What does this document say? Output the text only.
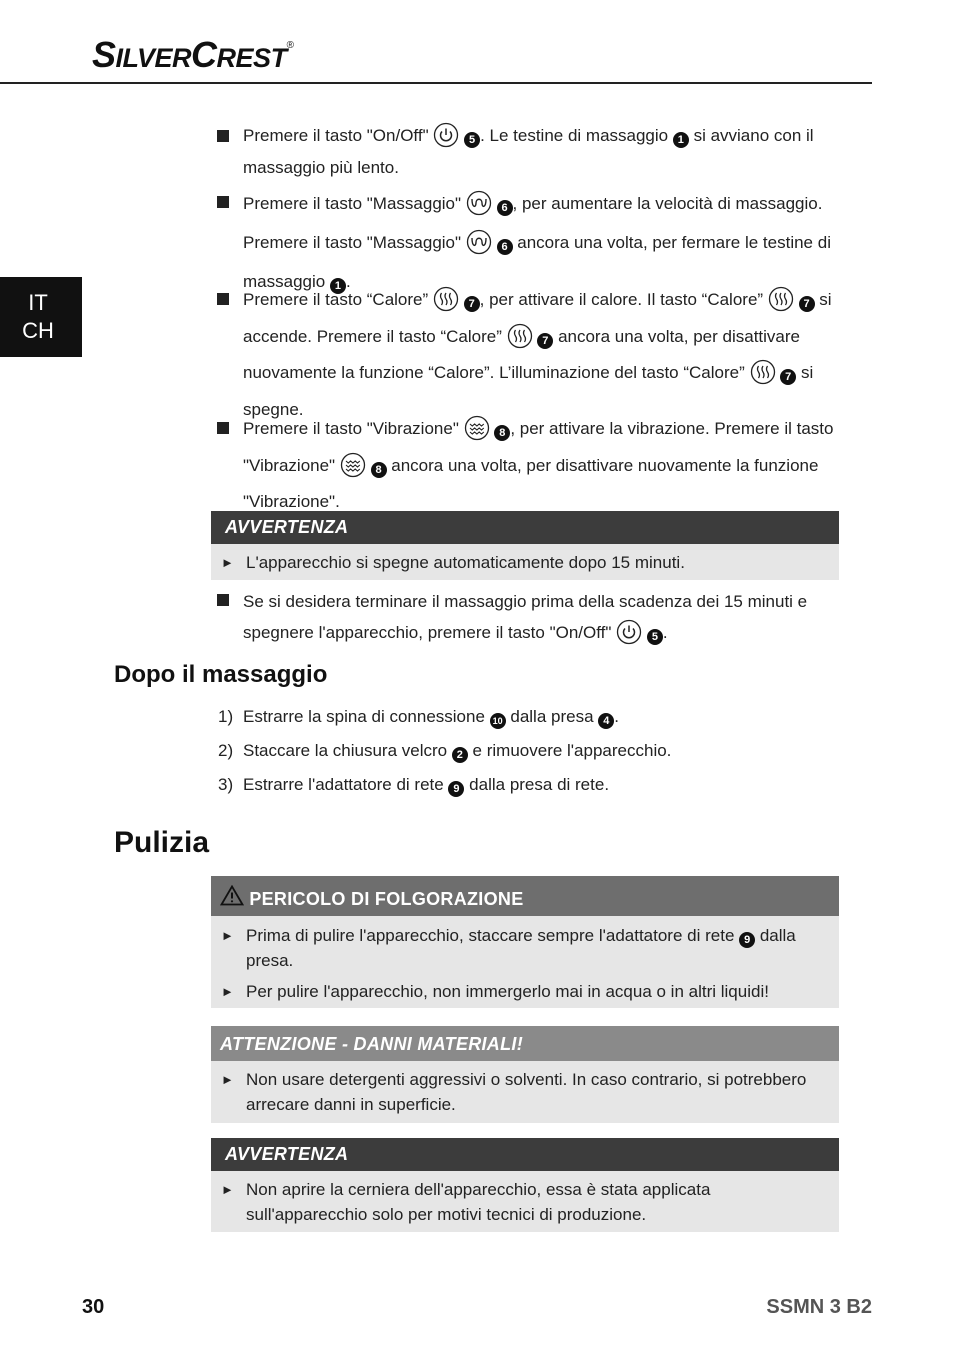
SILVERCREST®
IT
CH
Premere il tasto "On/Off"	5 . Le testine di massaggio 1 si avviano con il massaggio più lento.
Premere il tasto "Massaggio"	6 , per aumentare la velocità di massaggio.
Premere il tasto "Massaggio"	6 ancora una volta, per fermare le testine di massaggio 1 .
Premere il tasto “Calore”	7 , per attivare il calore. Il tasto “Calore”	7 si accende. Premere il tasto “Calore”	7 ancora una volta, per disattivare nuovamente la funzione “Calore”. L’illuminazione del tasto “Calore”	7 si spegne.
Premere il tasto "Vibrazione"	8 , per attivare la vibrazione. Premere il tasto "Vibrazione"	8 ancora una volta, per disattivare nuovamente la funzione "Vibrazione".
AVVERTENZA
► L'apparecchio si spegne automaticamente dopo 15 minuti.
Se si desidera terminare il massaggio prima della scadenza dei 15 minuti e spegnere l'apparecchio, premere il tasto "On/Off"	5 .
Dopo il massaggio
1) Estrarre la spina di connessione 10 dalla presa 4 .
2) Staccare la chiusura velcro 2 e rimuovere l'apparecchio.
3) Estrarre l'adattatore di rete 9 dalla presa di rete.
Pulizia
PERICOLO DI FOLGORAZIONE
► Prima di pulire l'apparecchio, staccare sempre l'adattatore di rete 9 dalla presa.
► Per pulire l'apparecchio, non immergerlo mai in acqua o in altri liquidi!
ATTENZIONE - DANNI MATERIALI!
► Non usare detergenti aggressivi o solventi. In caso contrario, si potrebbero arrecare danni in superficie.
AVVERTENZA
► Non aprire la cerniera dell'apparecchio, essa è stata applicata sull'apparecchio solo per motivi tecnici di produzione.
30	SSMN 3 B2
